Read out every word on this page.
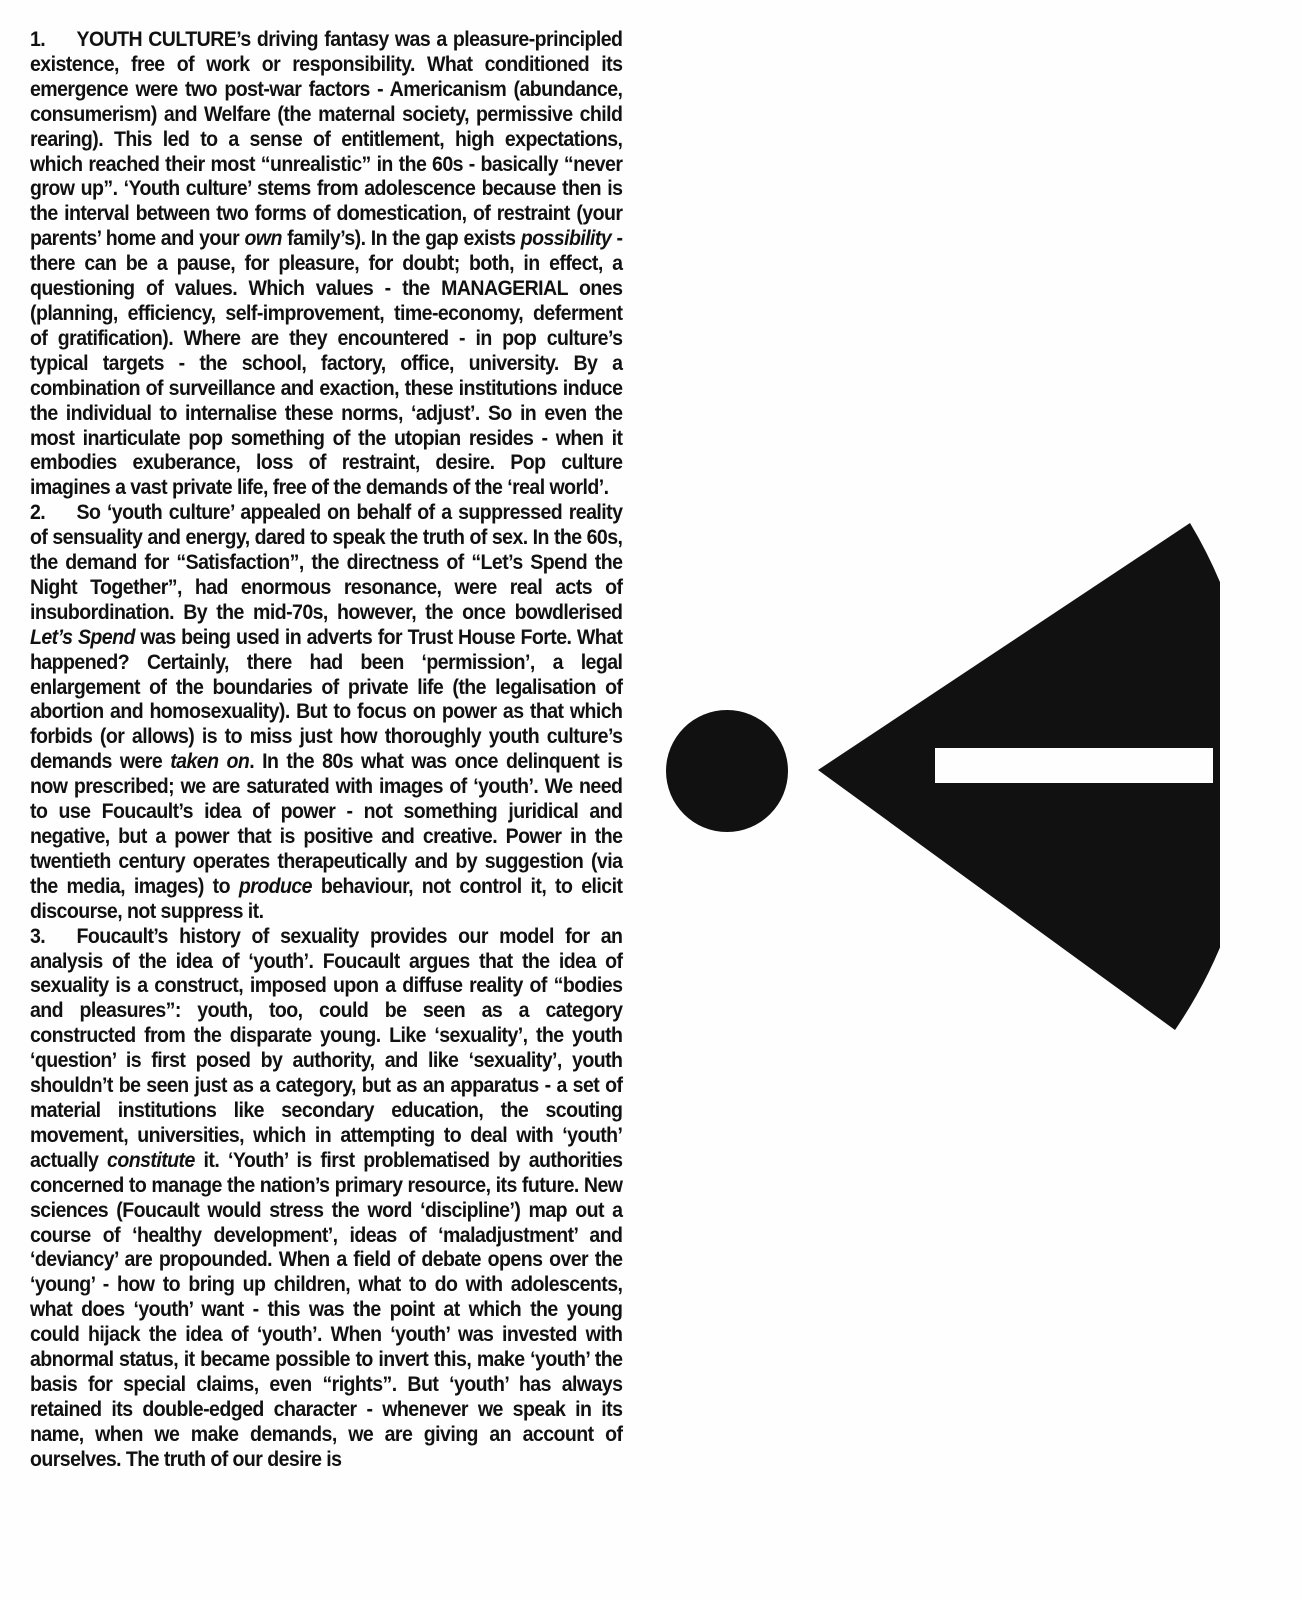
1. YOUTH CULTURE’s driving fantasy was a pleasure-principled existence, free of work or responsibility. What conditioned its emergence were two post-war factors - Americanism (abundance, consumerism) and Welfare (the maternal society, permissive child rearing). This led to a sense of entitlement, high expectations, which reached their most “unrealistic” in the 60s - basically “never grow up”. ‘Youth culture’ stems from adolescence because then is the interval between two forms of domestication, of restraint (your parents’ home and your own family’s). In the gap exists possibility - there can be a pause, for pleasure, for doubt; both, in effect, a questioning of values. Which values - the MANAGERIAL ones (planning, efficiency, self-improvement, time-economy, deferment of gratification). Where are they encountered - in pop culture’s typical targets - the school, factory, office, university. By a combination of surveillance and exaction, these institutions induce the individual to internalise these norms, ‘adjust’. So in even the most inarticulate pop something of the utopian resides - when it embodies exuberance, loss of restraint, desire. Pop culture imagines a vast private life, free of the demands of the ‘real world’.

2. So ‘youth culture’ appealed on behalf of a suppressed reality of sensuality and energy, dared to speak the truth of sex. In the 60s, the demand for “Satisfaction”, the directness of “Let’s Spend the Night Together”, had enormous resonance, were real acts of insubordination. By the mid-70s, however, the once bowdlerised Let’s Spend was being used in adverts for Trust House Forte. What happened? Certainly, there had been ‘permission’, a legal enlargement of the boundaries of private life (the legalisation of abortion and homosexuality). But to focus on power as that which forbids (or allows) is to miss just how thoroughly youth culture’s demands were taken on. In the 80s what was once delinquent is now prescribed; we are saturated with images of ‘youth’. We need to use Foucault’s idea of power - not something juridical and negative, but a power that is positive and creative. Power in the twentieth century operates therapeutically and by suggestion (via the media, images) to produce behaviour, not control it, to elicit discourse, not suppress it.

3. Foucault’s history of sexuality provides our model for an analysis of the idea of ‘youth’. Foucault argues that the idea of sexuality is a construct, imposed upon a diffuse reality of “bodies and pleasures”: youth, too, could be seen as a category constructed from the disparate young. Like ‘sexuality’, the youth ‘question’ is first posed by authority, and like ‘sexuality’, youth shouldn’t be seen just as a category, but as an apparatus - a set of material institutions like secondary education, the scouting movement, universities, which in attempting to deal with ‘youth’ actually constitute it. ‘Youth’ is first problematised by authorities concerned to manage the nation’s primary resource, its future. New sciences (Foucault would stress the word ‘discipline’) map out a course of ‘healthy development’, ideas of ‘maladjustment’ and ‘deviancy’ are propounded. When a field of debate opens over the ‘young’ - how to bring up children, what to do with adolescents, what does ‘youth’ want - this was the point at which the young could hijack the idea of ‘youth’. When ‘youth’ was invested with abnormal status, it became possible to invert this, make ‘youth’ the basis for special claims, even “rights”. But ‘youth’ has always retained its double-edged character - whenever we speak in its name, when we make demands, we are giving an account of ourselves. The truth of our desire is
